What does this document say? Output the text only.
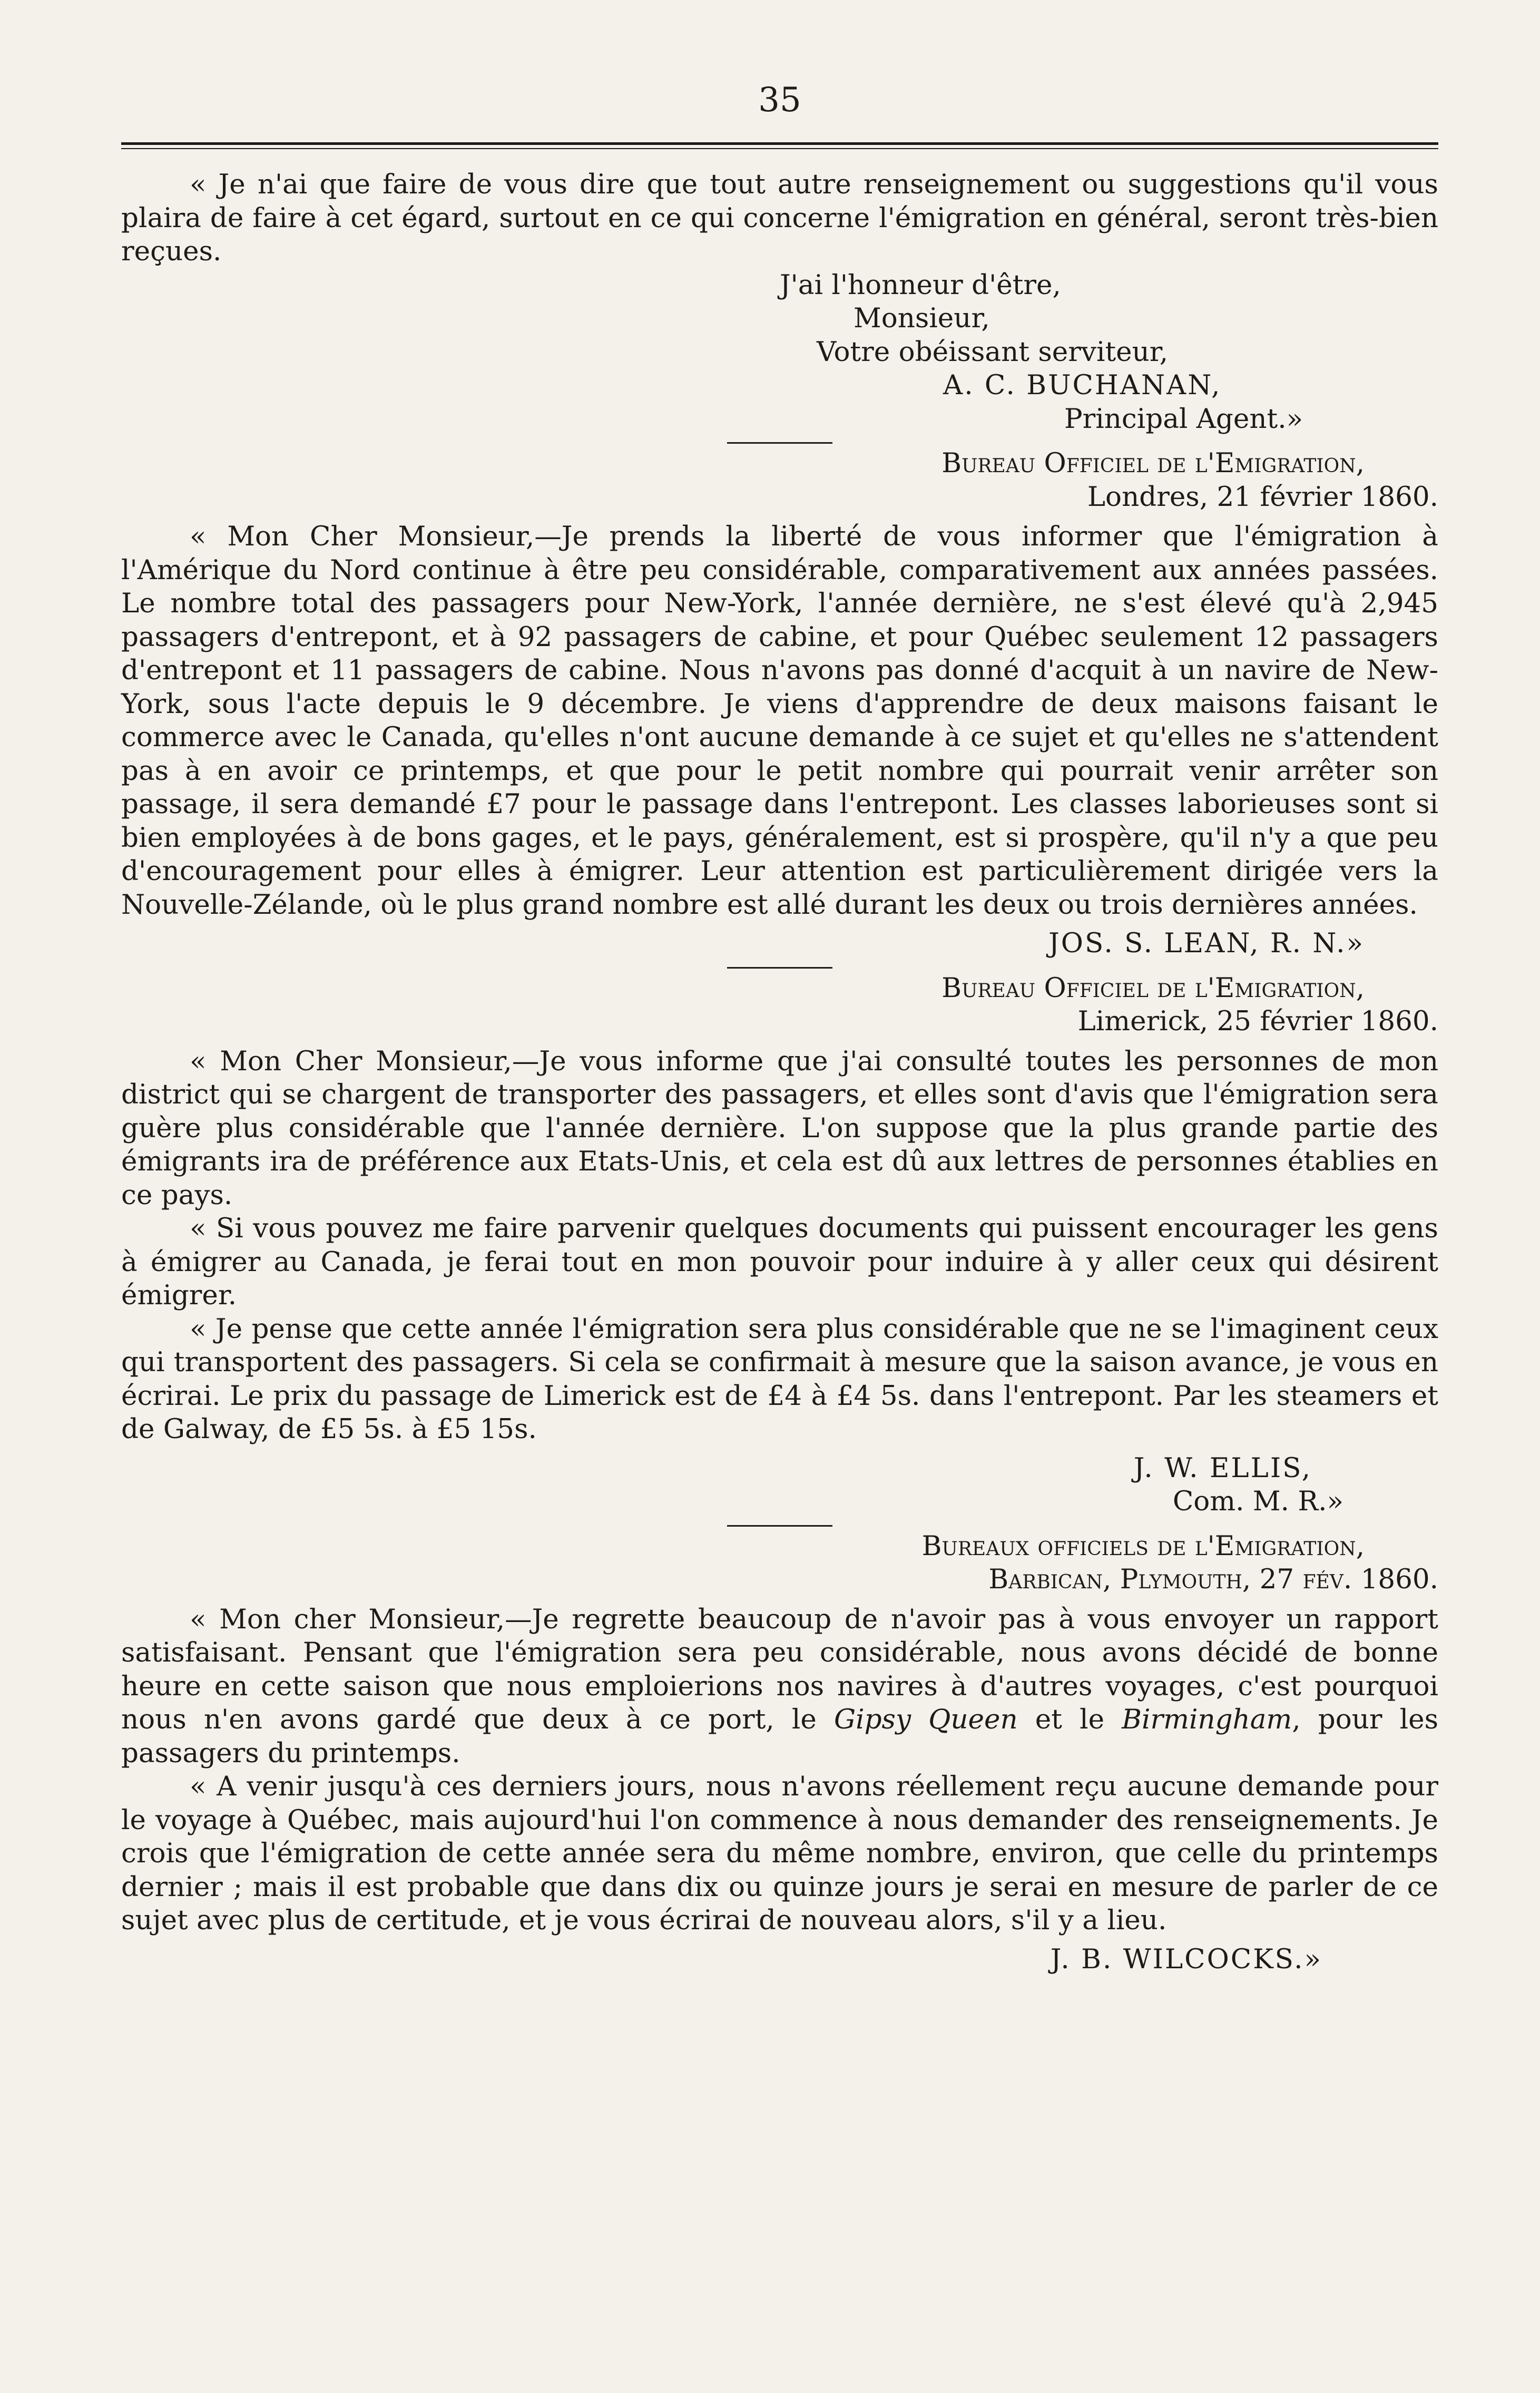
35

« Je n'ai que faire de vous dire que tout autre renseignement ou suggestions qu'il vous plaira de faire à cet égard, surtout en ce qui concerne l'émigration en général, seront très-bien reçues.

J'ai l'honneur d'être,
Monsieur,
Votre obéissant serviteur,
A. C. BUCHANAN,
Principal Agent.»
Bureau Officiel de l'Emigration,
Londres, 21 février 1860.

« Mon Cher Monsieur,—Je prends la liberté de vous informer que l'émigration à l'Amérique du Nord continue à être peu considérable, comparativement aux années passées. Le nombre total des passagers pour New-York, l'année dernière, ne s'est élevé qu'à 2,945 passagers d'entrepont, et à 92 passagers de cabine, et pour Québec seulement 12 passagers d'entrepont et 11 passagers de cabine. Nous n'avons pas donné d'acquit à un navire de New-York, sous l'acte depuis le 9 décembre. Je viens d'apprendre de deux maisons faisant le commerce avec le Canada, qu'elles n'ont aucune demande à ce sujet et qu'elles ne s'attendent pas à en avoir ce printemps, et que pour le petit nombre qui pourrait venir arrêter son passage, il sera demandé £7 pour le passage dans l'entrepont. Les classes laborieuses sont si bien employées à de bons gages, et le pays, généralement, est si prospère, qu'il n'y a que peu d'encouragement pour elles à émigrer. Leur attention est particulièrement dirigée vers la Nouvelle-Zélande, où le plus grand nombre est allé durant les deux ou trois dernières années.

JOS. S. LEAN, R. N.»
Bureau Officiel de l'Emigration,
Limerick, 25 février 1860.

« Mon Cher Monsieur,—Je vous informe que j'ai consulté toutes les personnes de mon district qui se chargent de transporter des passagers, et elles sont d'avis que l'émigration sera guère plus considérable que l'année dernière. L'on suppose que la plus grande partie des émigrants ira de préférence aux Etats-Unis, et cela est dû aux lettres de personnes établies en ce pays.

« Si vous pouvez me faire parvenir quelques documents qui puissent encourager les gens à émigrer au Canada, je ferai tout en mon pouvoir pour induire à y aller ceux qui désirent émigrer.

« Je pense que cette année l'émigration sera plus considérable que ne se l'imaginent ceux qui transportent des passagers. Si cela se confirmait à mesure que la saison avance, je vous en écrirai. Le prix du passage de Limerick est de £4 à £4 5s. dans l'entrepont. Par les steamers et de Galway, de £5 5s. à £5 15s.

J. W. ELLIS,
Com. M. R.»
Bureaux officiels de l'Emigration,
Barbican, Plymouth, 27 fév. 1860.

« Mon cher Monsieur,—Je regrette beaucoup de n'avoir pas à vous envoyer un rapport satisfaisant. Pensant que l'émigration sera peu considérable, nous avons décidé de bonne heure en cette saison que nous emploierions nos navires à d'autres voyages, c'est pourquoi nous n'en avons gardé que deux à ce port, le Gipsy Queen et le Birmingham, pour les passagers du printemps.

« A venir jusqu'à ces derniers jours, nous n'avons réellement reçu aucune demande pour le voyage à Québec, mais aujourd'hui l'on commence à nous demander des renseignements. Je crois que l'émigration de cette année sera du même nombre, environ, que celle du printemps dernier ; mais il est probable que dans dix ou quinze jours je serai en mesure de parler de ce sujet avec plus de certitude, et je vous écrirai de nouveau alors, s'il y a lieu.

J. B. WILCOCKS.»
